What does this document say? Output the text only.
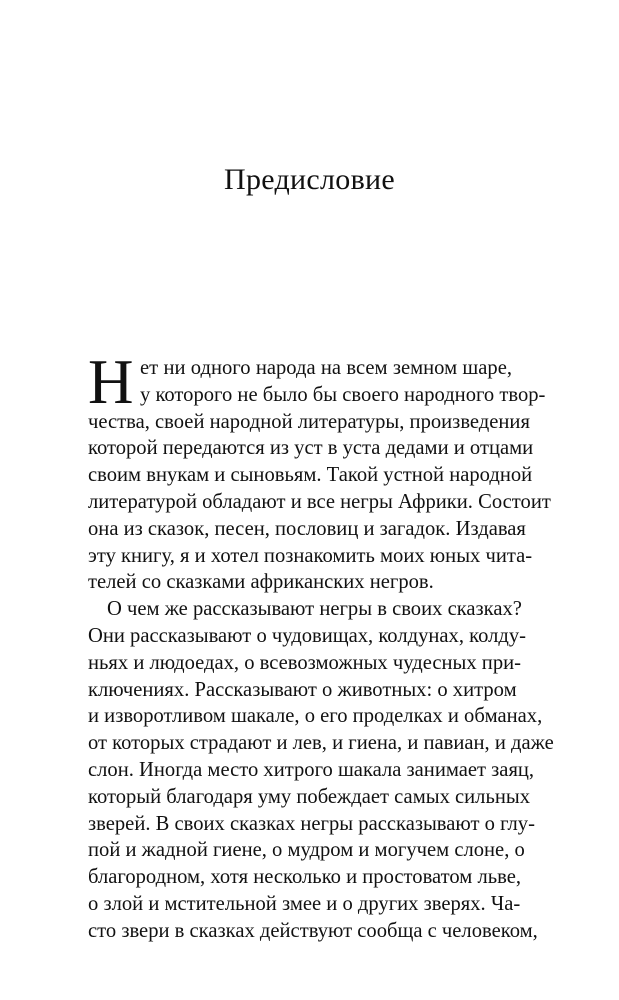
Предисловие
Н ет ни одного народа на всем земном шаре,
у которого не было бы своего народного твор-
чества, своей народной литературы, произведения
которой передаются из уст в уста дедами и отцами
своим внукам и сыновьям. Такой устной народной
литературой обладают и все негры Африки. Состоит
она из сказок, песен, пословиц и загадок. Издавая
эту книгу, я и хотел познакомить моих юных чита-
телей со сказками африканских негров.
О чем же рассказывают негры в своих сказках?
Они рассказывают о чудовищах, колдунах, колду-
ньях и людоедах, о всевозможных чудесных при-
ключениях. Рассказывают о животных: о хитром
и изворотливом шакале, о его проделках и обманах,
от которых страдают и лев, и гиена, и павиан, и даже
слон. Иногда место хитрого шакала занимает заяц,
который благодаря уму побеждает самых сильных
зверей. В своих сказках негры рассказывают о глу-
пой и жадной гиене, о мудром и могучем слоне, о
благородном, хотя несколько и простоватом льве,
о злой и мстительной змее и о других зверях. Ча-
сто звери в сказках действуют сообща с человеком,
